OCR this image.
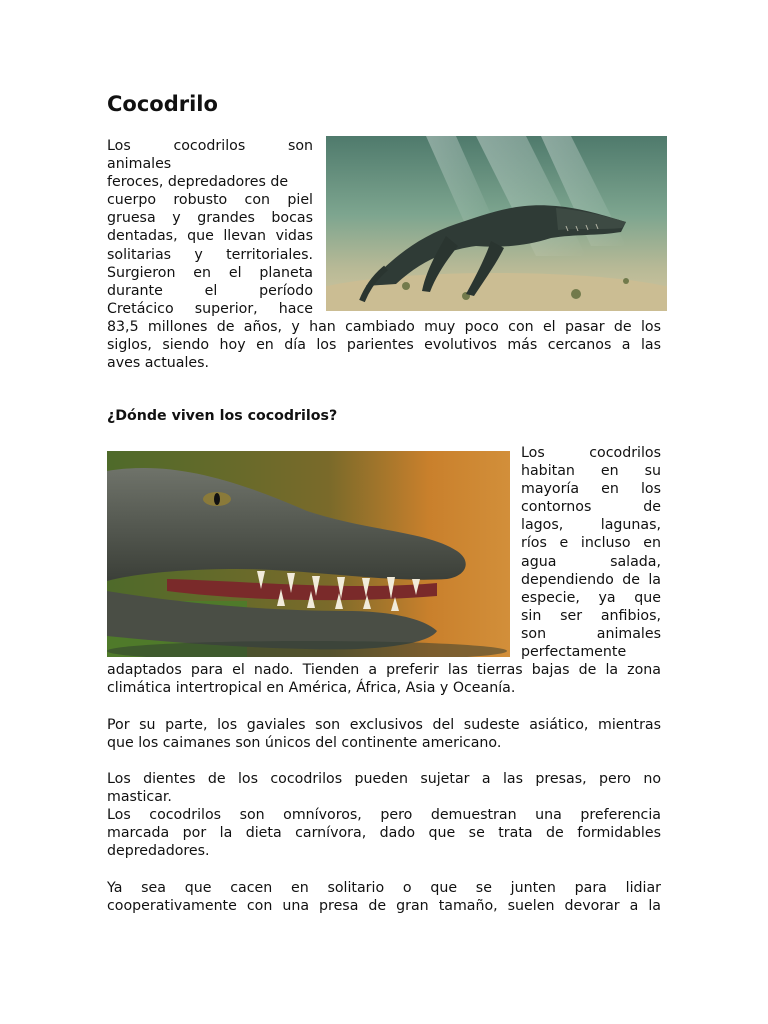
Cocodrilo
Los	cocodrilos	son
animales
feroces, depredadores de
cuerpo robusto con piel
gruesa y grandes bocas
dentadas, que llevan vidas
solitarias y territoriales.
Surgieron en el planeta
durante el período
Cretácico superior, hace
83,5 millones de años, y han cambiado muy poco con el pasar de los
siglos, siendo hoy en día los parientes evolutivos más cercanos a las
aves actuales.
¿Dónde viven los cocodrilos?
Los cocodrilos
habitan en su
mayoría en los
contornos de
lagos, lagunas,
ríos e incluso en
agua salada,
dependiendo de la
especie, ya que
sin ser anfibios,
son animales
perfectamente
adaptados para el nado. Tienden a preferir las tierras bajas de la zona
climática intertropical en América, África, Asia y Oceanía.
Por su parte, los gaviales son exclusivos del sudeste asiático, mientras
que los caimanes son únicos del continente americano.
Los dientes de los cocodrilos pueden sujetar a las presas, pero no
masticar.
Los cocodrilos son omnívoros, pero demuestran una preferencia
marcada por la dieta carnívora, dado que se trata de formidables
depredadores.
Ya sea que cacen en solitario o que se junten para lidiar
cooperativamente con una presa de gran tamaño, suelen devorar a la
